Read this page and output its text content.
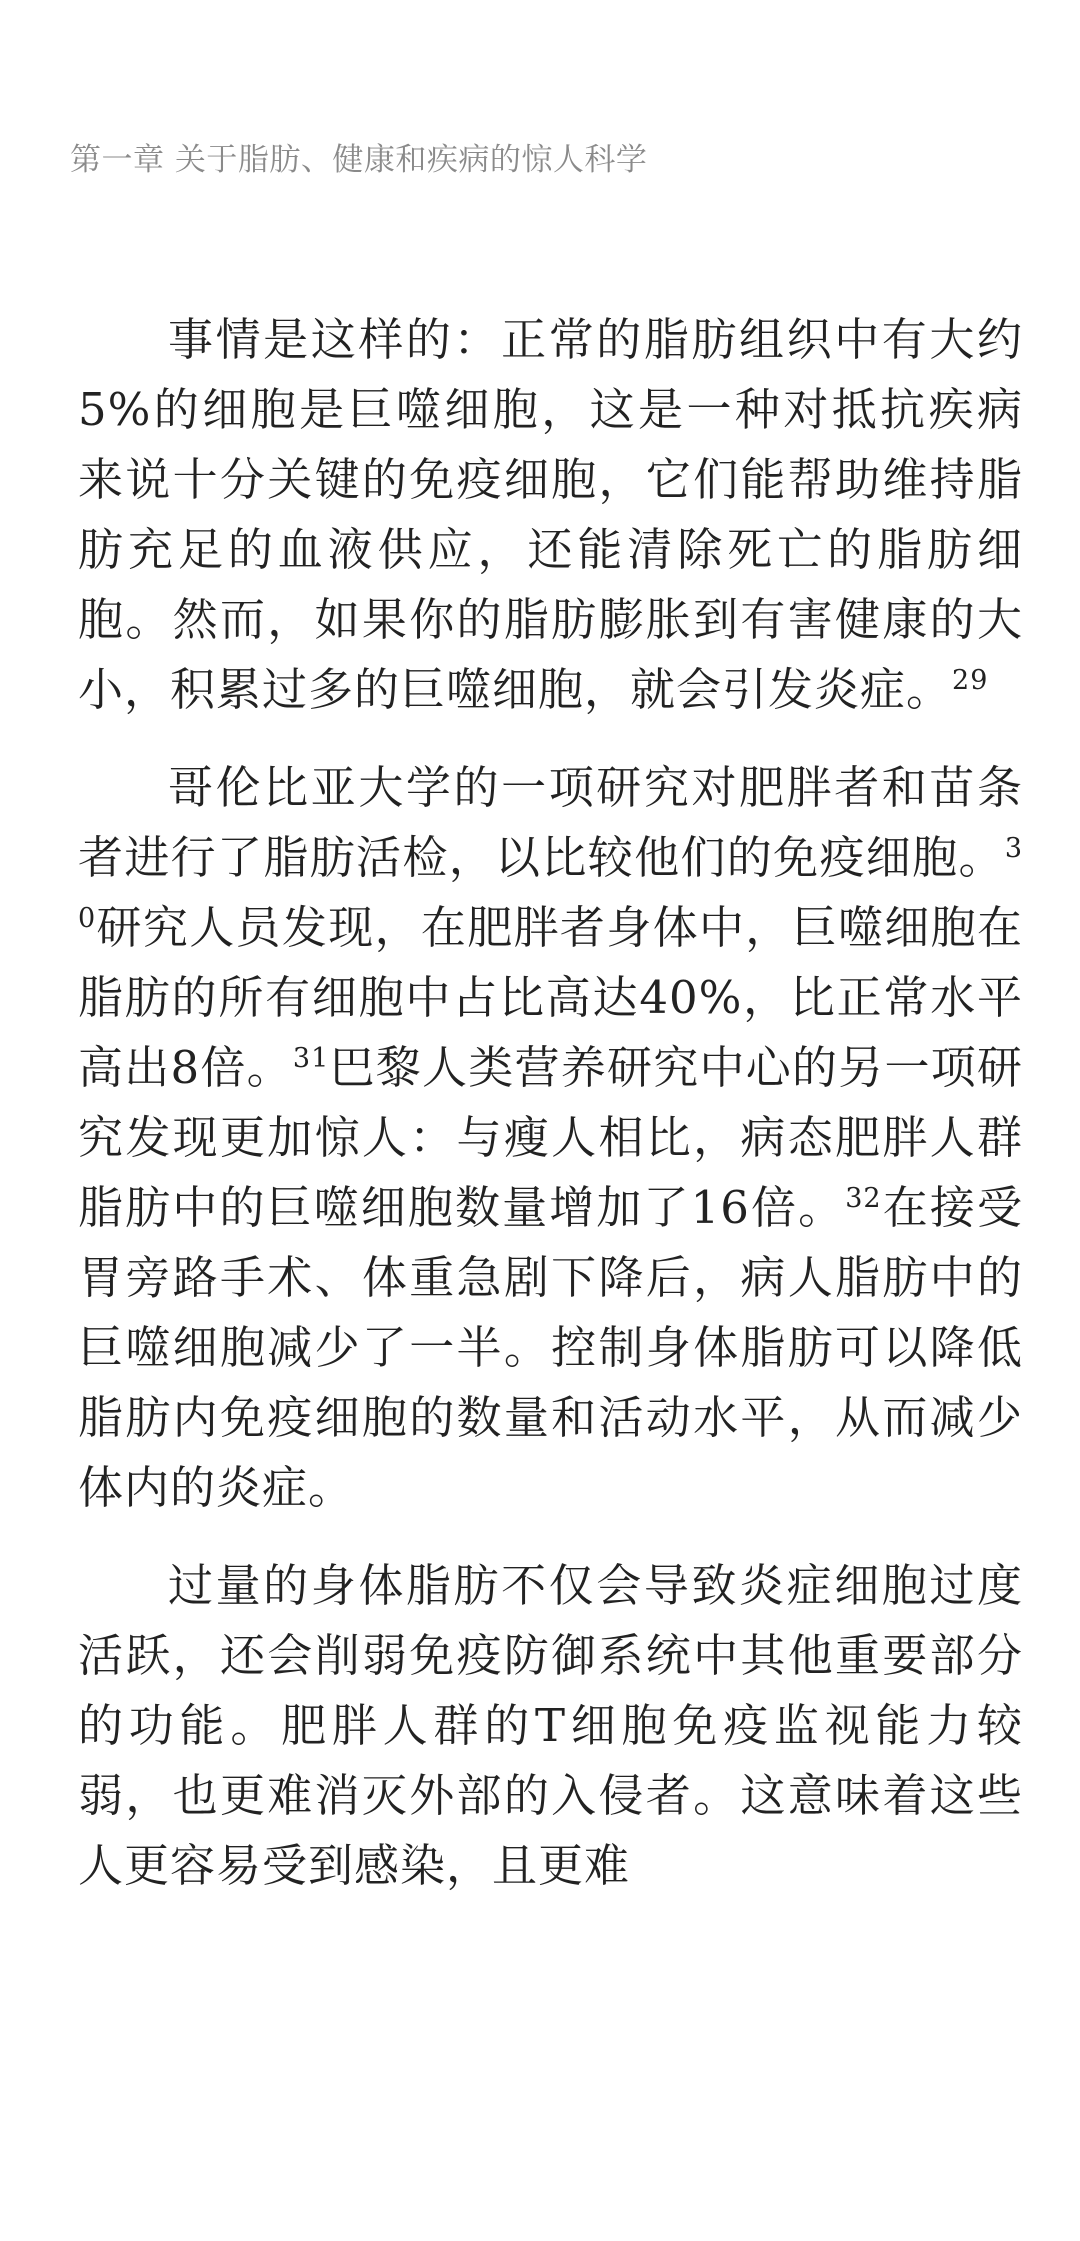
第一章 关于脂肪、健康和疾病的惊人科学

事情是这样的：正常的脂肪组织中有大约5%的细胞是巨噬细胞，这是一种对抵抗疾病来说十分关键的免疫细胞，它们能帮助维持脂肪充足的血液供应，还能清除死亡的脂肪细胞。然而，如果你的脂肪膨胀到有害健康的大小，积累过多的巨噬细胞，就会引发炎症。$^{29}$

哥伦比亚大学的一项研究对肥胖者和苗条者进行了脂肪活检，以比较他们的免疫细胞。$^{30}$研究人员发现，在肥胖者身体中，巨噬细胞在脂肪的所有细胞中占比高达40%，比正常水平高出8倍。$^{31}$巴黎人类营养研究中心的另一项研究发现更加惊人：与瘦人相比，病态肥胖人群脂肪中的巨噬细胞数量增加了16倍。$^{32}$在接受胃旁路手术、体重急剧下降后，病人脂肪中的巨噬细胞减少了一半。控制身体脂肪可以降低脂肪内免疫细胞的数量和活动水平，从而减少体内的炎症。

过量的身体脂肪不仅会导致炎症细胞过度活跃，还会削弱免疫防御系统中其他重要部分的功能。肥胖人群的T细胞免疫监视能力较弱，也更难消灭外部的入侵者。这意味着这些人更容易受到感染，且更难
